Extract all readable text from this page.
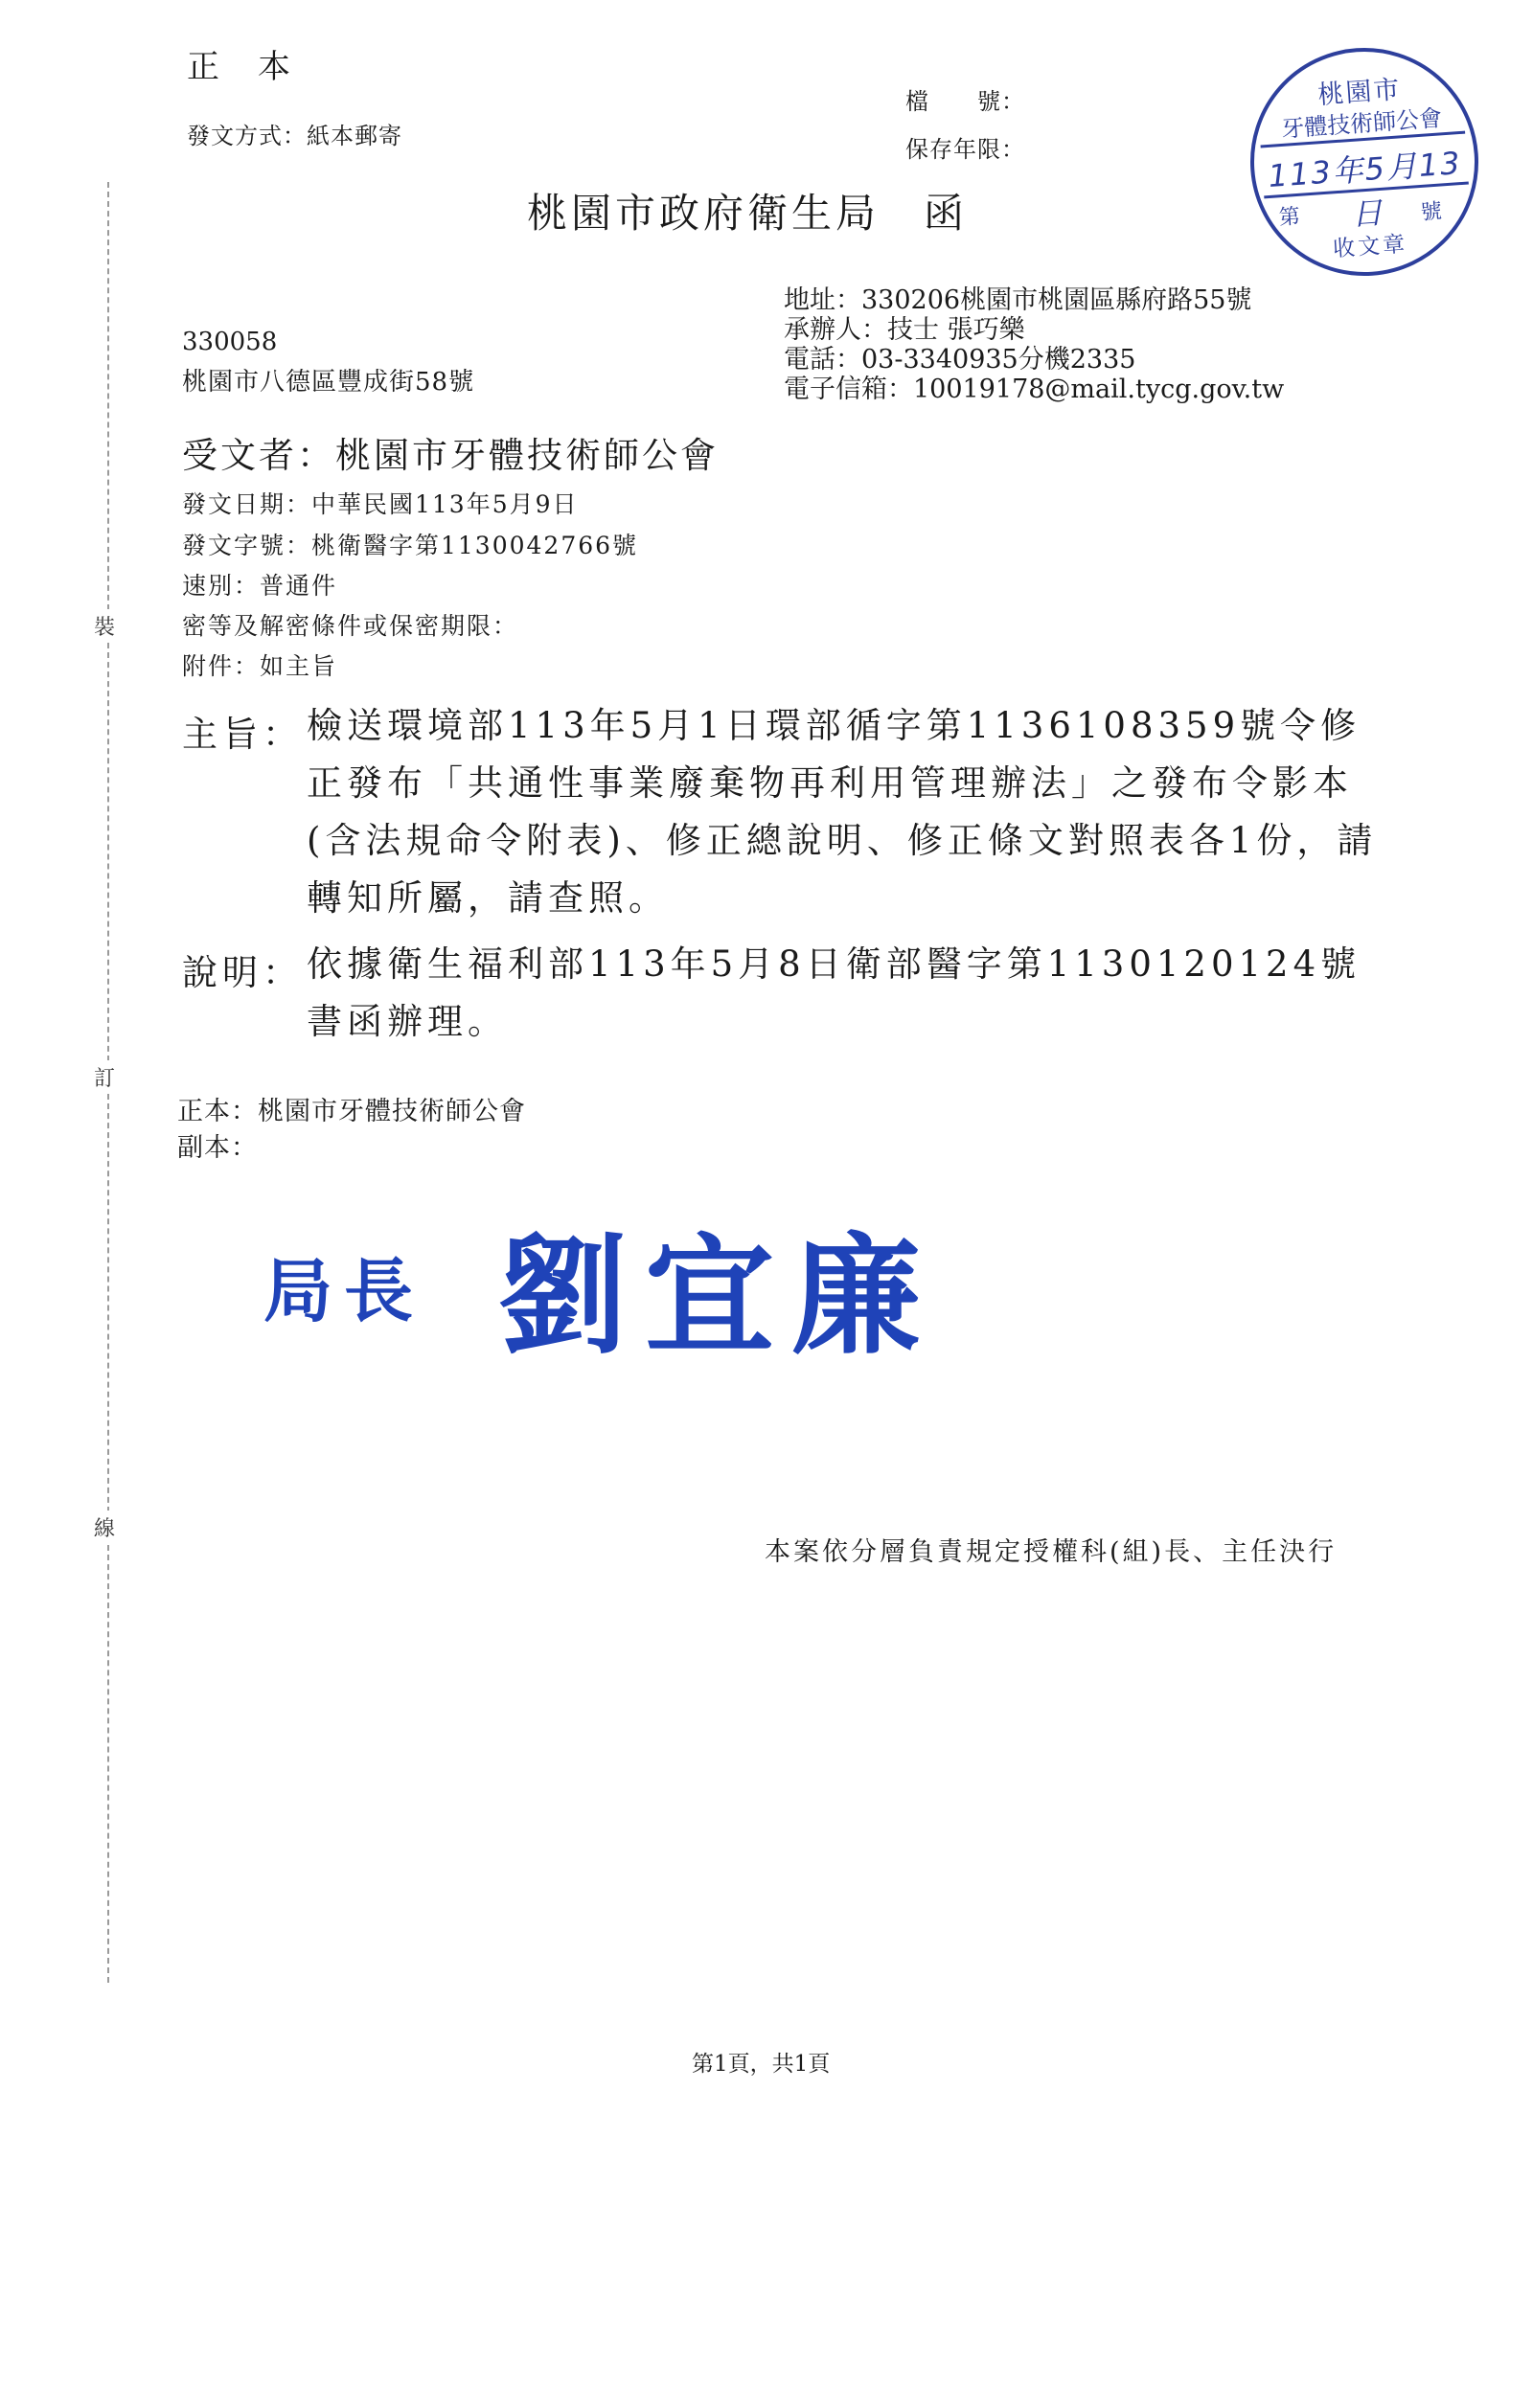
裝
訂
線
正　本
發文方式：紙本郵寄
檔　　號：
保存年限：
桃園市
牙體技術師公會
113年5月13日
第	號
收文章
桃園市政府衛生局　函
地址：330206桃園市桃園區縣府路55號
承辦人：技士 張巧樂
電話：03-3340935分機2335
電子信箱：10019178@mail.tycg.gov.tw
330058
桃園市八德區豐成街58號
受文者：桃園市牙體技術師公會
發文日期：中華民國113年5月9日
發文字號：桃衛醫字第1130042766號
速別：普通件
密等及解密條件或保密期限：
附件：如主旨
主旨： 檢送環境部113年5月1日環部循字第1136108359號令修正發布「共通性事業廢棄物再利用管理辦法」之發布令影本(含法規命令附表)、修正總說明、修正條文對照表各1份，請轉知所屬，請查照。
說明： 依據衛生福利部113年5月8日衛部醫字第1130120124號書函辦理。
正本：桃園市牙體技術師公會
副本：
局長 劉宜廉
本案依分層負責規定授權科(組)長、主任決行
第1頁，共1頁
